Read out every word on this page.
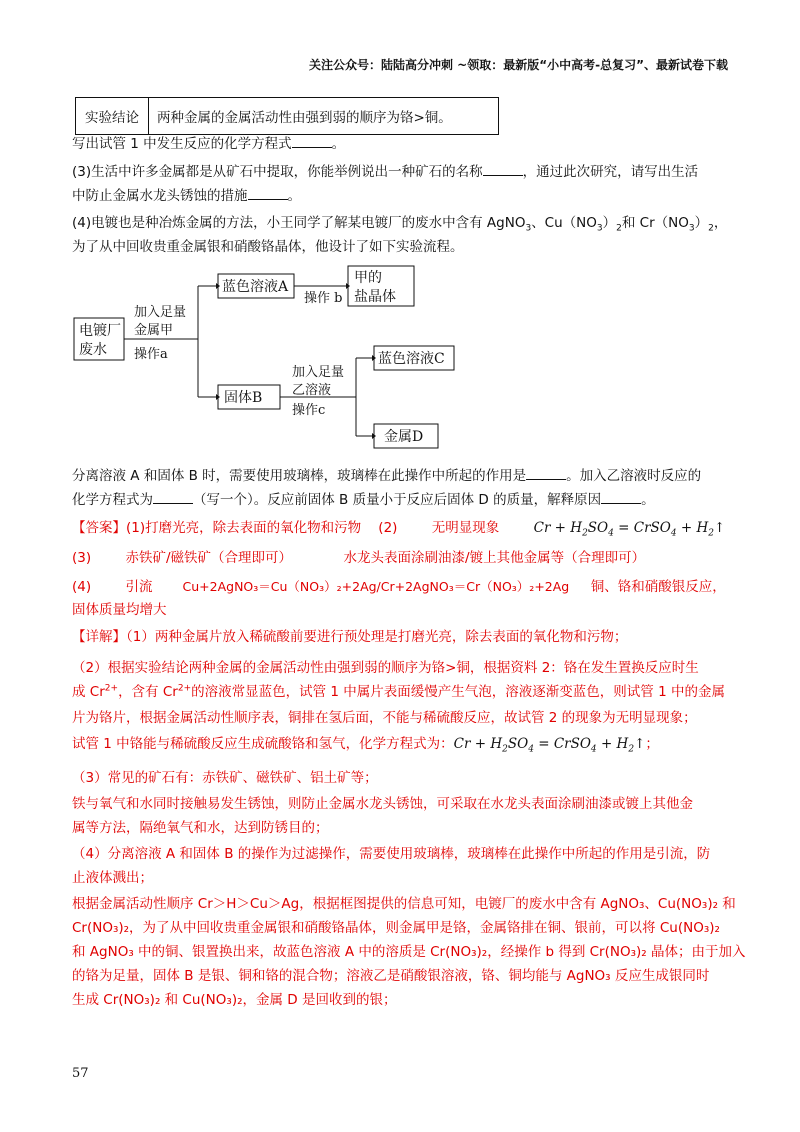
关注公众号：陆陆高分冲刺 ~领取：最新版“小中高考-总复习”、最新试卷下载
实验结论	两种金属的金属活动性由强到弱的顺序为铬>铜。
写出试管 1 中发生反应的化学方程式	。
(3)生活中许多金属都是从矿石中提取，你能举例说出一种矿石的名称	，通过此次研究，请写出生活
中防止金属水龙头锈蚀的措施	。
(4)电镀也是种冶炼金属的方法，小王同学了解某电镀厂的废水中含有 AgNO$_3$、$Cu(NO_3)_2$和 $Cr(NO_3)_2$，
为了从中回收贵重金属银和硝酸铬晶体，他设计了如下实验流程。
电镀厂
废水
蓝色溶液A
甲的
盐晶体
固体B
蓝色溶液C
金属D
加入足量
金属甲
操作a
操作 b
加入足量
乙溶液
操作c
分离溶液 A 和固体 B 时，需要使用玻璃棒，玻璃棒在此操作中所起的作用是	。加入乙溶液时反应的
化学方程式为	（写一个）。反应前固体 B 质量小于反应后固体 D 的质量，解释原因	。
【答案】(1)打磨光亮，除去表面的氧化物和污物 (2)	无明显现象	$Cr + H_2SO_4$ = CrSO$_4$ + $H_2↑$
(3)	赤铁矿/磁铁矿（合理即可）	水龙头表面涂刷油漆/镀上其他金属等（合理即可）
(4)	引流 Cu+2AgNO₃＝Cu（NO₃）₂+2Ag/Cr+2AgNO₃＝Cr（NO₃）₂+2Ag 铜、铬和硝酸银反应，
固体质量均增大
【详解】（1）两种金属片放入稀硫酸前要进行预处理是打磨光亮，除去表面的氧化物和污物；
（2）根据实验结论两种金属的金属活动性由强到弱的顺序为铬>铜，根据资料 2：铬在发生置换反应时生
成 $Cr^{2+}$，含有 $Cr^{2+}$的溶液常显蓝色，试管 1 中属片表面缓慢产生气泡，溶液逐渐变蓝色，则试管 1 中的金属
片为铬片，根据金属活动性顺序表，铜排在氢后面，不能与稀硫酸反应，故试管 2 的现象为无明显现象；
试管 1 中铬能与稀硫酸反应生成硫酸铬和氢气，化学方程式为：$Cr + H_2SO_4$ = CrSO$_4$ + $H_2↑$；
（3）常见的矿石有：赤铁矿、磁铁矿、铝土矿等；
铁与氧气和水同时接触易发生锈蚀，则防止金属水龙头锈蚀，可采取在水龙头表面涂刷油漆或镀上其他金
属等方法，隔绝氧气和水，达到防锈目的；
（4）分离溶液 A 和固体 B 的操作为过滤操作，需要使用玻璃棒，玻璃棒在此操作中所起的作用是引流，防
止液体溅出；
根据金属活动性顺序 Cr＞H＞Cu＞Ag，根据框图提供的信息可知，电镀厂的废水中含有 AgNO₃、Cu(NO₃)₂ 和
Cr(NO₃)₂，为了从中回收贵重金属银和硝酸铬晶体，则金属甲是铬，金属铬排在铜、银前，可以将 Cu(NO₃)₂
和 AgNO₃ 中的铜、银置换出来，故蓝色溶液 A 中的溶质是 Cr(NO₃)₂，经操作 b 得到 Cr(NO₃)₂ 晶体；由于加入
的铬为足量，固体 B 是银、铜和铬的混合物；溶液乙是硝酸银溶液，铬、铜均能与 AgNO₃ 反应生成银同时
生成 Cr(NO₃)₂ 和 Cu(NO₃)₂，金属 D 是回收到的银；
57
